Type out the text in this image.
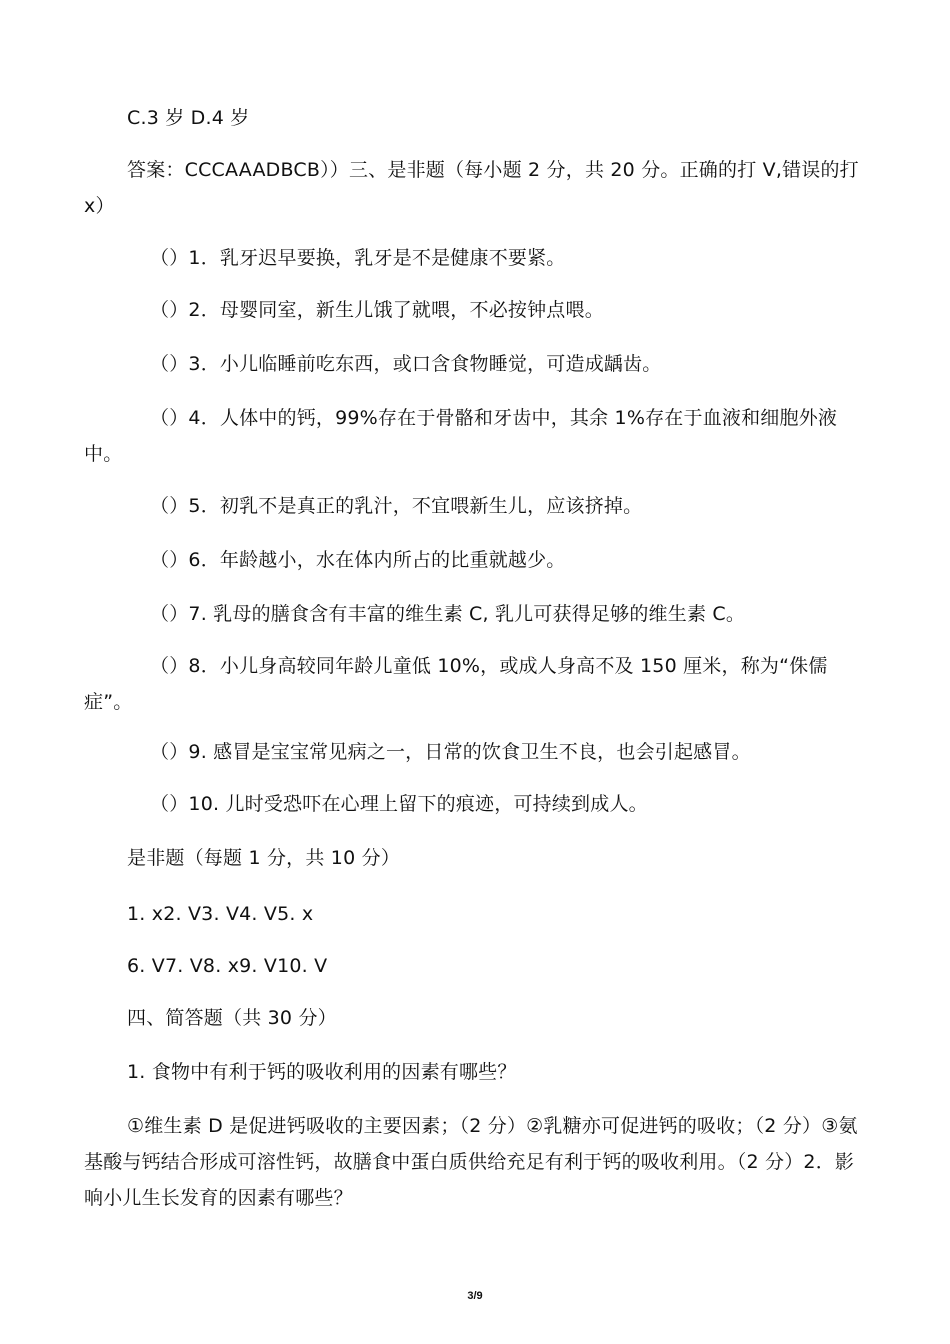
C.3 岁 D.4 岁

答案：CCCAAADBCB））三、是非题（每小题 2 分，共 20 分。正确的打 V,错误的打 x）

（）1．乳牙迟早要换，乳牙是不是健康不要紧。

（）2．母婴同室，新生儿饿了就喂，不必按钟点喂。

（）3．小儿临睡前吃东西，或口含食物睡觉，可造成龋齿。

（）4．人体中的钙，99%存在于骨骼和牙齿中，其余 1%存在于血液和细胞外液中。

（）5．初乳不是真正的乳汁，不宜喂新生儿，应该挤掉。

（）6．年龄越小，水在体内所占的比重就越少。

（）7. 乳母的膳食含有丰富的维生素 C, 乳儿可获得足够的维生素 C。

（）8．小儿身高较同年龄儿童低 10%，或成人身高不及 150 厘米，称为“侏儒症”。

（）9. 感冒是宝宝常见病之一，日常的饮食卫生不良，也会引起感冒。

（）10. 儿时受恐吓在心理上留下的痕迹，可持续到成人。

是非题（每题 1 分，共 10 分）

1. x2. V3. V4. V5. x

6. V7. V8. x9. V10. V

四、简答题（共 30 分）

1. 食物中有利于钙的吸收利用的因素有哪些？

①维生素 D 是促进钙吸收的主要因素；（2 分）②乳糖亦可促进钙的吸收；（2 分）③氨基酸与钙结合形成可溶性钙，故膳食中蛋白质供给充足有利于钙的吸收利用。（2 分）2．影响小儿生长发育的因素有哪些？

3/9
